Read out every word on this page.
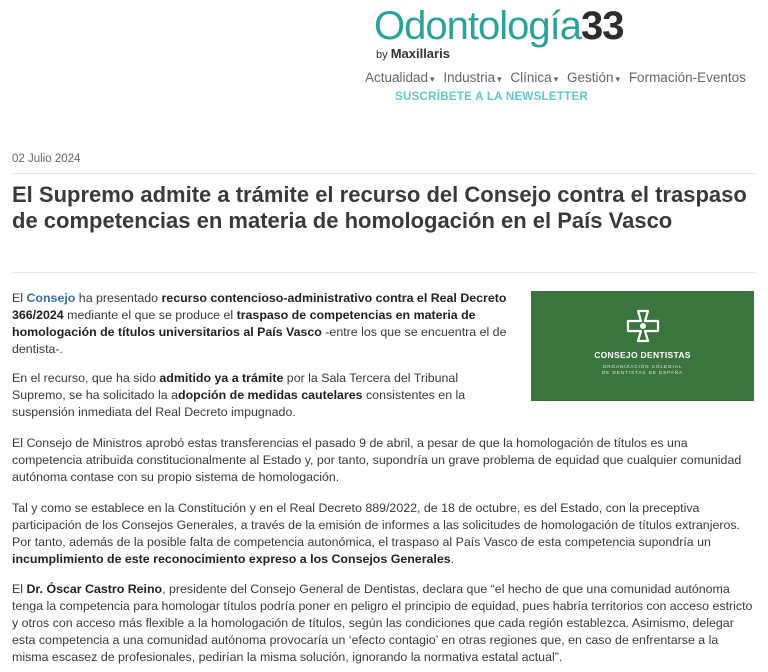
Odontología33
by Maxillaris
Actualidad ▾ Industria ▾ Clínica ▾ Gestión ▾ Formación-Eventos
SUSCRÍBETE A LA NEWSLETTER
02 Julio 2024
El Supremo admite a trámite el recurso del Consejo contra el traspaso de competencias en materia de homologación en el País Vasco

El Consejo ha presentado recurso contencioso-administrativo contra el Real Decreto 366/2024 mediante el que se produce el traspaso de competencias en materia de homologación de títulos universitarios al País Vasco -entre los que se encuentra el de dentista-.	CONSEJO DENTISTAS
ORGANIZACIÓN COLEGIAL
DE DENTISTAS DE ESPAÑA

En el recurso, que ha sido admitido ya a trámite por la Sala Tercera del Tribunal Supremo, se ha solicitado la adopción de medidas cautelares consistentes en la suspensión inmediata del Real Decreto impugnado.

El Consejo de Ministros aprobó estas transferencias el pasado 9 de abril, a pesar de que la homologación de títulos es una competencia atribuida constitucionalmente al Estado y, por tanto, supondría un grave problema de equidad que cualquier comunidad autónoma contase con su propio sistema de homologación.

Tal y como se establece en la Constitución y en el Real Decreto 889/2022, de 18 de octubre, es del Estado, con la preceptiva participación de los Consejos Generales, a través de la emisión de informes a las solicitudes de homologación de títulos extranjeros. Por tanto, además de la posible falta de competencia autonómica, el traspaso al País Vasco de esta competencia supondría un incumplimiento de este reconocimiento expreso a los Consejos Generales.

El Dr. Óscar Castro Reino, presidente del Consejo General de Dentistas, declara que “el hecho de que una comunidad autónoma tenga la competencia para homologar títulos podría poner en peligro el principio de equidad, pues habría territorios con acceso estricto y otros con acceso más flexible a la homologación de títulos, según las condiciones que cada región establezca. Asimismo, delegar esta competencia a una comunidad autónoma provocaría un ‘efecto contagio’ en otras regiones que, en caso de enfrentarse a la misma escasez de profesionales, pedirían la misma solución, ignorando la normativa estatal actual”.
